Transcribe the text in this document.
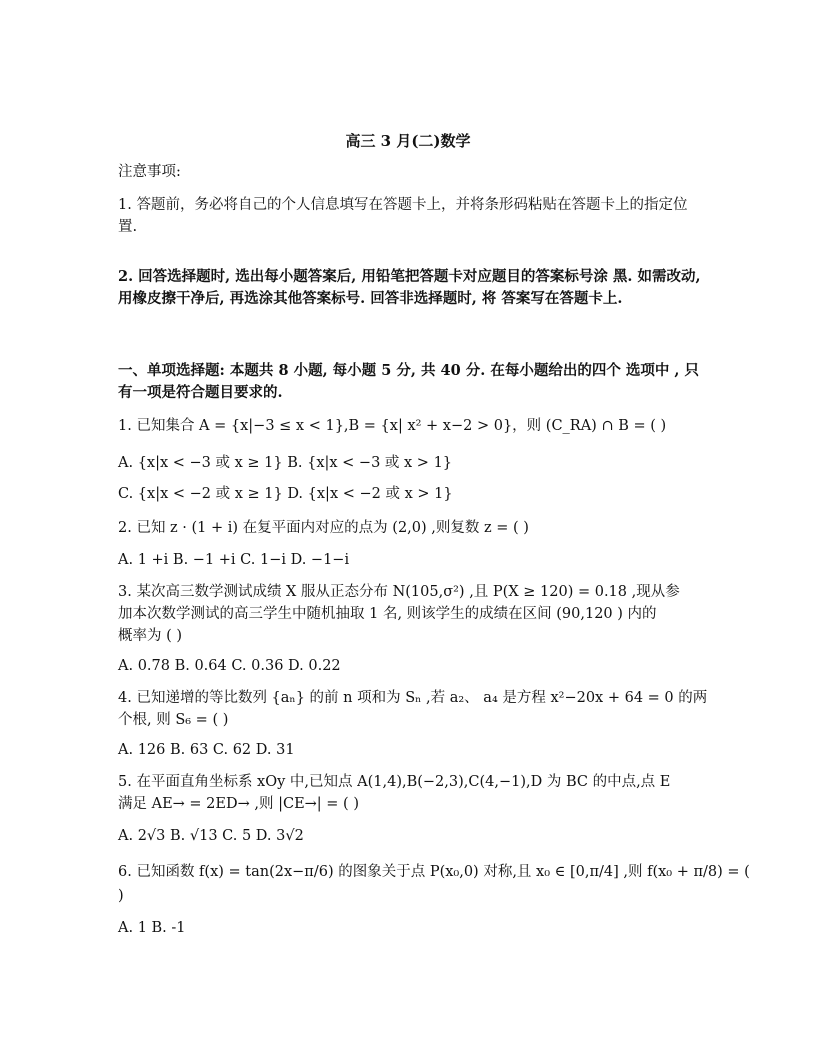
高三 3 月(二)数学
注意事项:
1. 答题前，务必将自己的个人信息填写在答题卡上，并将条形码粘贴在答题卡上的指定位置.
2. 回答选择题时, 选出每小题答案后, 用铅笔把答题卡对应题目的答案标号涂 黑. 如需改动, 用橡皮擦干净后, 再选涂其他答案标号. 回答非选择题时, 将 答案写在答题卡上.
一、单项选择题: 本题共 8 小题, 每小题 5 分, 共 40 分. 在每小题给出的四个 选项中 , 只有一项是符合题目要求的.
1. 已知集合 A = {x|−3 ≤ x < 1},B = {x| x² + x−2 > 0}，则 (C_RA) ∩ B = ( )
A. {x|x < −3 或 x ≥ 1} B. {x|x < −3 或 x > 1}
C. {x|x < −2 或 x ≥ 1} D. {x|x < −2 或 x > 1}
2. 已知 z · (1 + i) 在复平面内对应的点为 (2,0) ,则复数 z = ( )
A. 1 +i B. −1 +i C. 1−i D. −1−i
3. 某次高三数学测试成绩 X 服从正态分布 N(105,σ²) ,且 P(X ≥ 120) = 0.18 ,现从参
加本次数学测试的高三学生中随机抽取 1 名, 则该学生的成绩在区间 (90,120 ) 内的
概率为 ( )
A. 0.78 B. 0.64 C. 0.36 D. 0.22
4. 已知递增的等比数列 {aₙ} 的前 n 项和为 Sₙ ,若 a₂、 a₄ 是方程 x²−20x + 64 = 0 的两
个根, 则 S₆ = ( )
A. 126 B. 63 C. 62 D. 31
5. 在平面直角坐标系 xOy 中,已知点 A(1,4),B(−2,3),C(4,−1),D 为 BC 的中点,点 E
满足 AE→ = 2ED→ ,则 |CE→| = ( )
A. 2√3 B. √13 C. 5 D. 3√2
6. 已知函数 f(x) = tan(2x−π/6) 的图象关于点 P(x₀,0) 对称,且 x₀ ∈ [0,π/4] ,则 f(x₀ + π/8) = (
)
A. 1 B. -1
